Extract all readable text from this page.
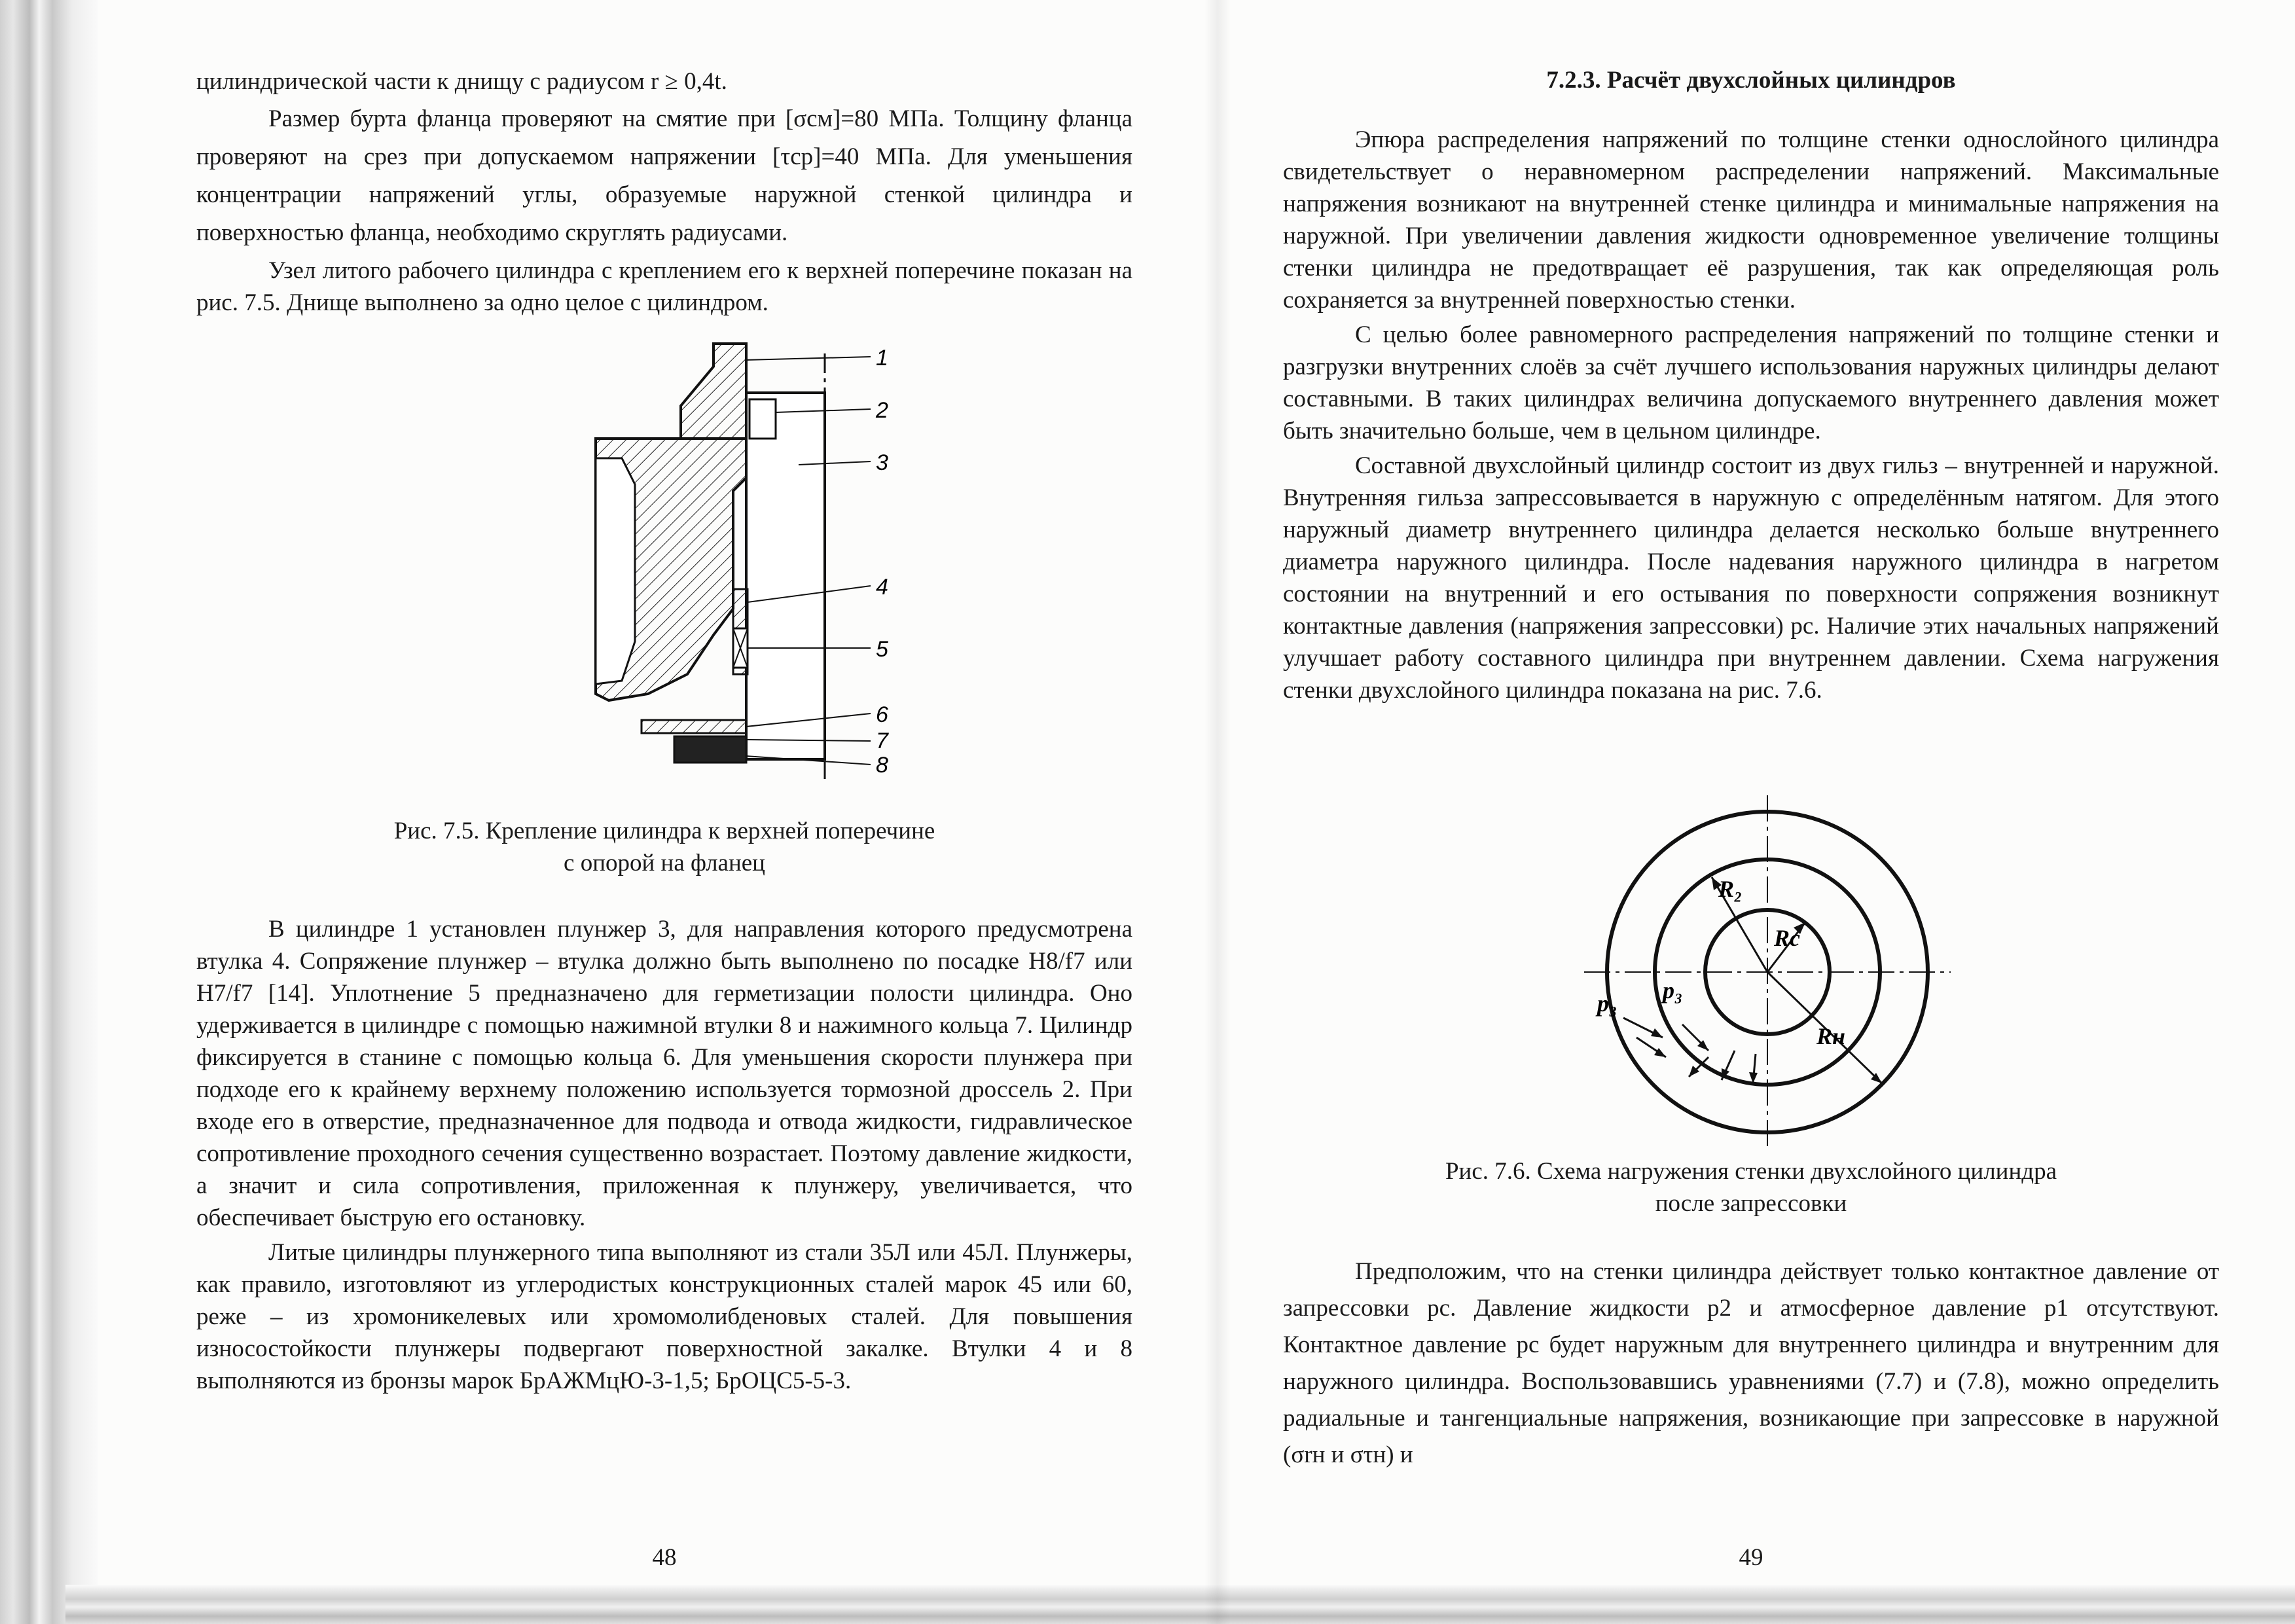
цилиндрической части к днищу с радиусом r ≥ 0,4t.

Размер бурта фланца проверяют на смятие при [σсм]=80 МПа. Толщину фланца проверяют на срез при допускаемом напряжении [τср]=40 МПа. Для уменьшения концентрации напряжений углы, образуемые наружной стенкой цилиндра и поверхностью фланца, необходимо скруглять радиусами.

Узел литого рабочего цилиндра с креплением его к верхней поперечине показан на рис. 7.5. Днище выполнено за одно целое с цилиндром.

1
2
3
4
5
6
7
8
Рис. 7.5. Крепление цилиндра к верхней поперечине
с опорой на фланец

В цилиндре 1 установлен плунжер 3, для направления которого предусмотрена втулка 4. Сопряжение плунжер – втулка должно быть выполнено по посадке H8/f7 или H7/f7 [14]. Уплотнение 5 предназначено для герметизации полости цилиндра. Оно удерживается в цилиндре с помощью нажимной втулки 8 и нажимного кольца 7. Цилиндр фиксируется в станине с помощью кольца 6. Для уменьшения скорости плунжера при подходе его к крайнему верхнему положению используется тормозной дроссель 2. При входе его в отверстие, предназначенное для подвода и отвода жидкости, гидравлическое сопротивление проходного сечения существенно возрастает. Поэтому давление жидкости, а значит и сила сопротивления, приложенная к плунжеру, увеличивается, что обеспечивает быструю его остановку.

Литые цилиндры плунжерного типа выполняют из стали 35Л или 45Л. Плунжеры, как правило, изготовляют из углеродистых конструкционных сталей марок 45 или 60, реже – из хромоникелевых или хромомолибденовых сталей. Для повышения износостойкости плунжеры подвергают поверхностной закалке. Втулки 4 и 8 выполняются из бронзы марок БрАЖМцЮ-3-1,5; БрОЦС5-5-3.

48
7.2.3. Расчёт двухслойных цилиндров

Эпюра распределения напряжений по толщине стенки однослойного цилиндра свидетельствует о неравномерном распределении напряжений. Максимальные напряжения возникают на внутренней стенке цилиндра и минимальные напряжения на наружной. При увеличении давления жидкости одновременное увеличение толщины стенки цилиндра не предотвращает её разрушения, так как определяющая роль сохраняется за внутренней поверхностью стенки.

С целью более равномерного распределения напряжений по толщине стенки и разгрузки внутренних слоёв за счёт лучшего использования наружных цилиндры делают составными. В таких цилиндрах величина допускаемого внутреннего давления может быть значительно больше, чем в цельном цилиндре.

Составной двухслойный цилиндр состоит из двух гильз – внутренней и наружной. Внутренняя гильза запрессовывается в наружную с определённым натягом. Для этого наружный диаметр внутреннего цилиндра делается несколько больше внутреннего диаметра наружного цилиндра. После надевания наружного цилиндра в нагретом состоянии на внутренний и его остывания по поверхности сопряжения возникнут контактные давления (напряжения запрессовки) pc. Наличие этих начальных напряжений улучшает работу составного цилиндра при внутреннем давлении. Схема нагружения стенки двухслойного цилиндра показана на рис. 7.6.

R₂
Rc
Rн
p₃ p₃
Рис. 7.6. Схема нагружения стенки двухслойного цилиндра
после запрессовки

Предположим, что на стенки цилиндра действует только контактное давление от запрессовки pc. Давление жидкости p2 и атмосферное давление p1 отсутствуют. Контактное давление pc будет наружным для внутреннего цилиндра и внутренним для наружного цилиндра. Воспользовавшись уравнениями (7.7) и (7.8), можно определить радиальные и тангенциальные напряжения, возникающие при запрессовке в наружной (σrн и στн) и

49
